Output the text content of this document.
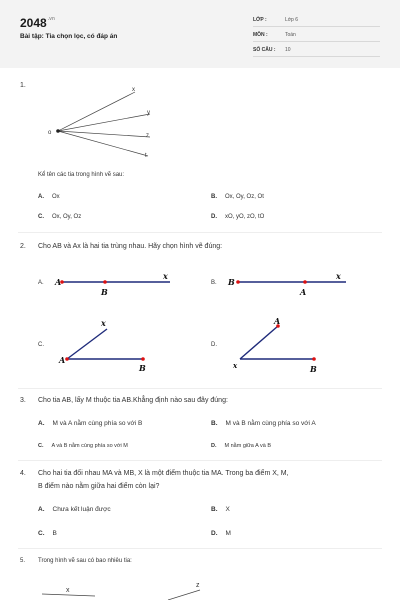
$2048^{.vn}$
Bài tập: Tia chọn lọc, có đáp án
LỚP :	Lớp 6
MÔN :	Toán
SỐ CÂU : 10
1.
o
x
y
z
t
Kể tên các tia trong hình vẽ sau:
A. Ox	B. Ox, Oy, Oz, Ot
C. Ox, Oy, Oz	D. xO, yO, zO, tO
2. Cho AB và Ax là hai tia trùng nhau. Hãy chọn hình vẽ đúng:
A. A
B
x
B. B
A
x
C.
A
B
x
D.
x	B
A
3. Cho tia AB, lấy M thuộc tia AB.Khẳng định nào sau đây đúng:
A. M và A nằm cùng phía so với B	B. M và B nằm cùng phía so với A
C. A và B nằm cùng phía so với M	D. M nằm giữa A và B
4. Cho hai tia đối nhau MA và MB, X là một điểm thuộc tia MA. Trong ba điểm X, M,
B điểm nào nằm giữa hai điểm còn lại?
A. Chưa kết luận được	B. X
C. B	D. M
5. Trong hình vẽ sau có bao nhiêu tia:
x
z
